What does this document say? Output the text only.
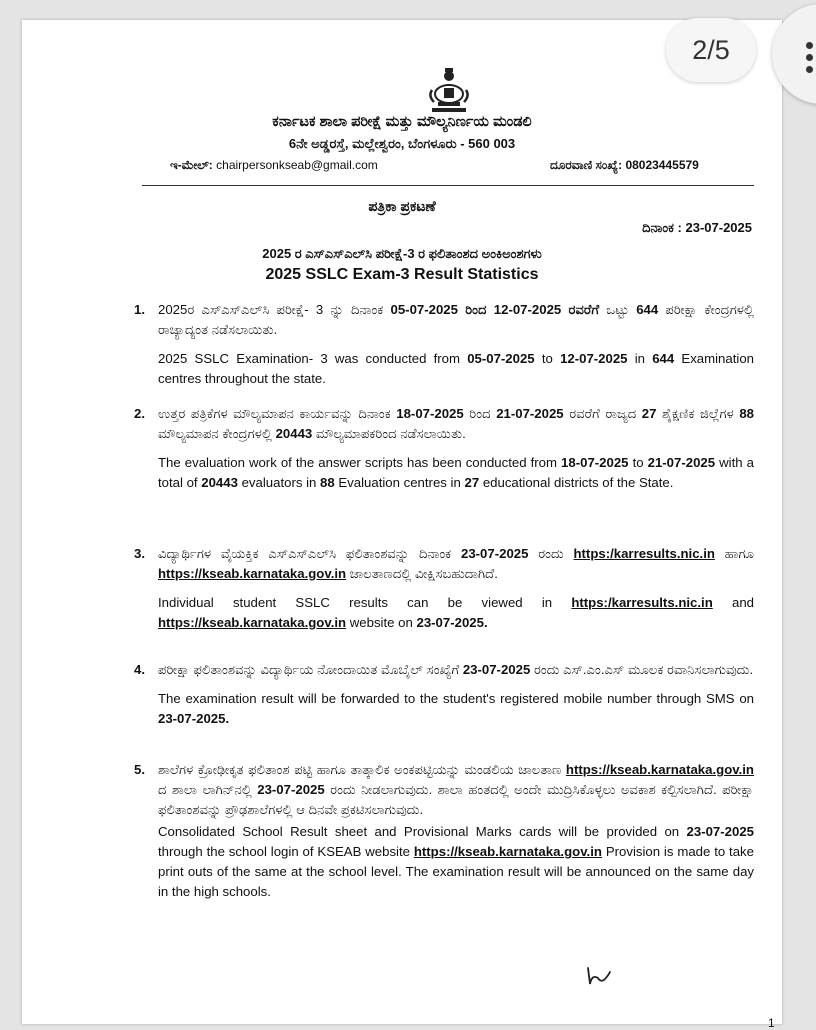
ಕರ್ನಾಟಕ ಶಾಲಾ ಪರೀಕ್ಷೆ ಮತ್ತು ಮೌಲ್ಯನಿರ್ಣಯ ಮಂಡಲಿ
6ನೇ ಅಡ್ಡರಸ್ತೆ, ಮಲ್ಲೇಶ್ವರಂ, ಬೆಂಗಳೂರು - 560 003
ಇ-ಮೇಲ್: chairpersonkseab@gmail.com	ದೂರವಾಣಿ ಸಂಖ್ಯೆ: 08023445579
ಪತ್ರಿಕಾ ಪ್ರಕಟಣೆ
ದಿನಾಂಕ : 23-07-2025
2025 ರ ಎಸ್‌ಎಸ್‌ಎಲ್‌ಸಿ ಪರೀಕ್ಷೆ-3 ರ ಫಲಿತಾಂಶದ ಅಂಕಿಅಂಶಗಳು
2025 SSLC Exam-3 Result Statistics
1. 2025ರ ಎಸ್‌ಎಸ್‌ಎಲ್‌ಸಿ ಪರೀಕ್ಷೆ- 3 ನ್ನು ದಿನಾಂಕ 05-07-2025 ರಿಂದ 12-07-2025 ರವರೆಗೆ ಒಟ್ಟು 644 ಪರೀಕ್ಷಾ ಕೇಂದ್ರಗಳಲ್ಲಿ ರಾಜ್ಯಾದ್ಯಂತ ನಡೆಸಲಾಯಿತು.

2025 SSLC Examination- 3 was conducted from 05-07-2025 to 12-07-2025 in 644 Examination centres throughout the state.

2. ಉತ್ತರ ಪತ್ರಿಕೆಗಳ ಮೌಲ್ಯಮಾಪನ ಕಾರ್ಯವನ್ನು ದಿನಾಂಕ 18-07-2025 ರಿಂದ 21-07-2025 ರವರೆಗೆ ರಾಜ್ಯದ 27 ಶೈಕ್ಷಣಿಕ ಜಿಲ್ಲೆಗಳ 88 ಮೌಲ್ಯಮಾಪನ ಕೇಂದ್ರಗಳಲ್ಲಿ 20443 ಮೌಲ್ಯಮಾಪಕರಿಂದ ನಡೆಸಲಾಯಿತು.

The evaluation work of the answer scripts has been conducted from 18-07-2025 to 21-07-2025 with a total of 20443 evaluators in 88 Evaluation centres in 27 educational districts of the State.

3. ವಿದ್ಯಾರ್ಥಿಗಳ ವೈಯಕ್ತಿಕ ಎಸ್‌ಎಸ್‌ಎಲ್‌ಸಿ ಫಲಿತಾಂಶವನ್ನು ದಿನಾಂಕ 23-07-2025 ರಂದು https:/karresults.nic.in ಹಾಗೂ https://kseab.karnataka.gov.in ಜಾಲತಾಣದಲ್ಲಿ ವೀಕ್ಷಿಸಬಹುದಾಗಿದೆ.

Individual student SSLC results can be viewed in https:/karresults.nic.in and https://kseab.karnataka.gov.in website on 23-07-2025.

4. ಪರೀಕ್ಷಾ ಫಲಿತಾಂಶವನ್ನು ವಿದ್ಯಾರ್ಥಿಯ ನೋಂದಾಯಿತ ಮೊಬೈಲ್ ಸಂಖ್ಯೆಗೆ 23-07-2025 ರಂದು ಎಸ್.ಎಂ.ಎಸ್ ಮೂಲಕ ರವಾನಿಸಲಾಗುವುದು.

The examination result will be forwarded to the student's registered mobile number through SMS on 23-07-2025.

5. ಶಾಲೆಗಳ ಕ್ರೋಢೀಕೃತ ಫಲಿತಾಂಶ ಪಟ್ಟಿ ಹಾಗೂ ತಾತ್ಕಾಲಿಕ ಅಂಕಪಟ್ಟಿಯನ್ನು ಮಂಡಲಿಯ ಜಾಲತಾಣ https://kseab.karnataka.gov.in ದ ಶಾಲಾ ಲಾಗಿನ್‌ನಲ್ಲಿ 23-07-2025 ರಂದು ನೀಡಲಾಗುವುದು. ಶಾಲಾ ಹಂತದಲ್ಲಿ ಅಂದೇ ಮುದ್ರಿಸಿಕೊಳ್ಳಲು ಅವಕಾಶ ಕಲ್ಪಿಸಲಾಗಿದೆ. ಪರೀಕ್ಷಾ ಫಲಿತಾಂಶವನ್ನು ಪ್ರೌಢಶಾಲೆಗಳಲ್ಲಿ ಆ ದಿನವೇ ಪ್ರಕಟಿಸಲಾಗುವುದು.

Consolidated School Result sheet and Provisional Marks cards will be provided on 23-07-2025 through the school login of KSEAB website https://kseab.karnataka.gov.in Provision is made to take print outs of the same at the school level. The examination result will be announced on the same day in the high schools.

1
2/5
